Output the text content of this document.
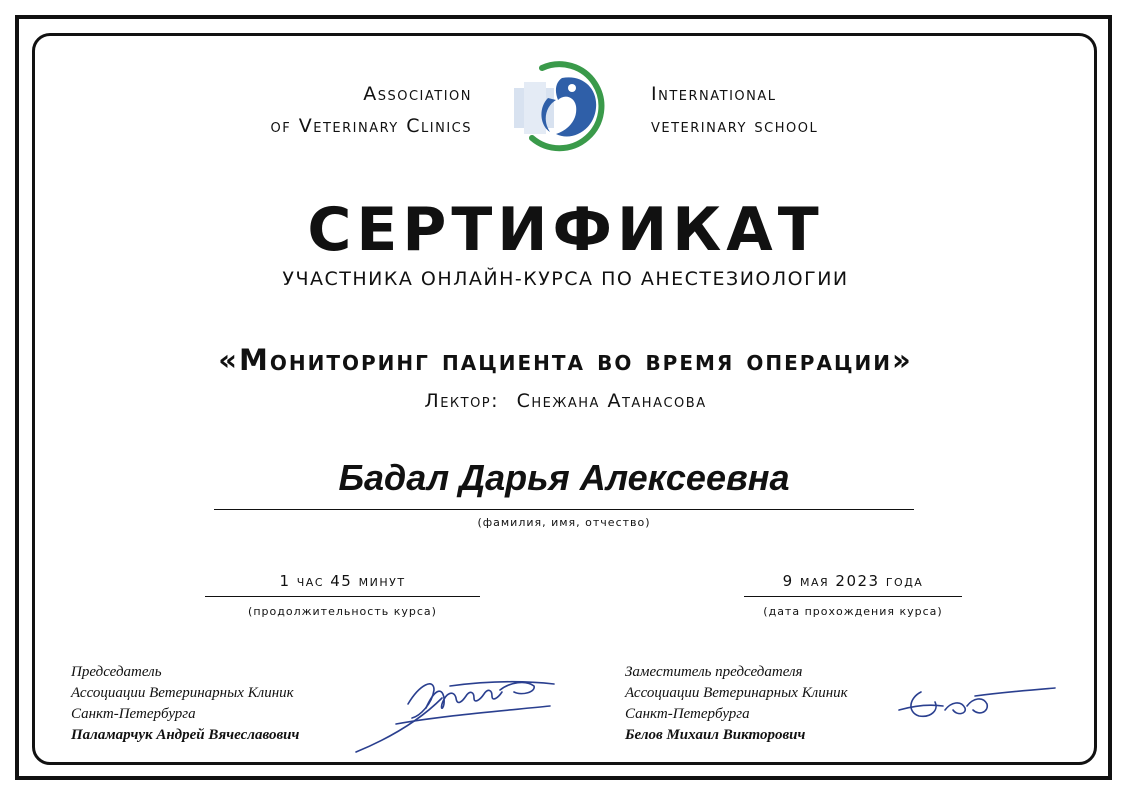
Association
of Veterinary Clinics
International
veterinary school
СЕРТИФИКАТ
УЧАСТНИКА ОНЛАЙН-КУРСА ПО АНЕСТЕЗИОЛОГИИ
«Мониторинг пациента во время операции»
Лектор: Снежана Атанасова
Бадал Дарья Алексеевна
(фамилия, имя, отчество)
1 час 45 минут
(продолжительность курса)
9 мая 2023 года
(дата прохождения курса)
Председатель
Ассоциации Ветеринарных Клиник
Санкт-Петербурга
Паламарчук Андрей Вячеславович
Заместитель председателя
Ассоциации Ветеринарных Клиник
Санкт-Петербурга
Белов Михаил Викторович
